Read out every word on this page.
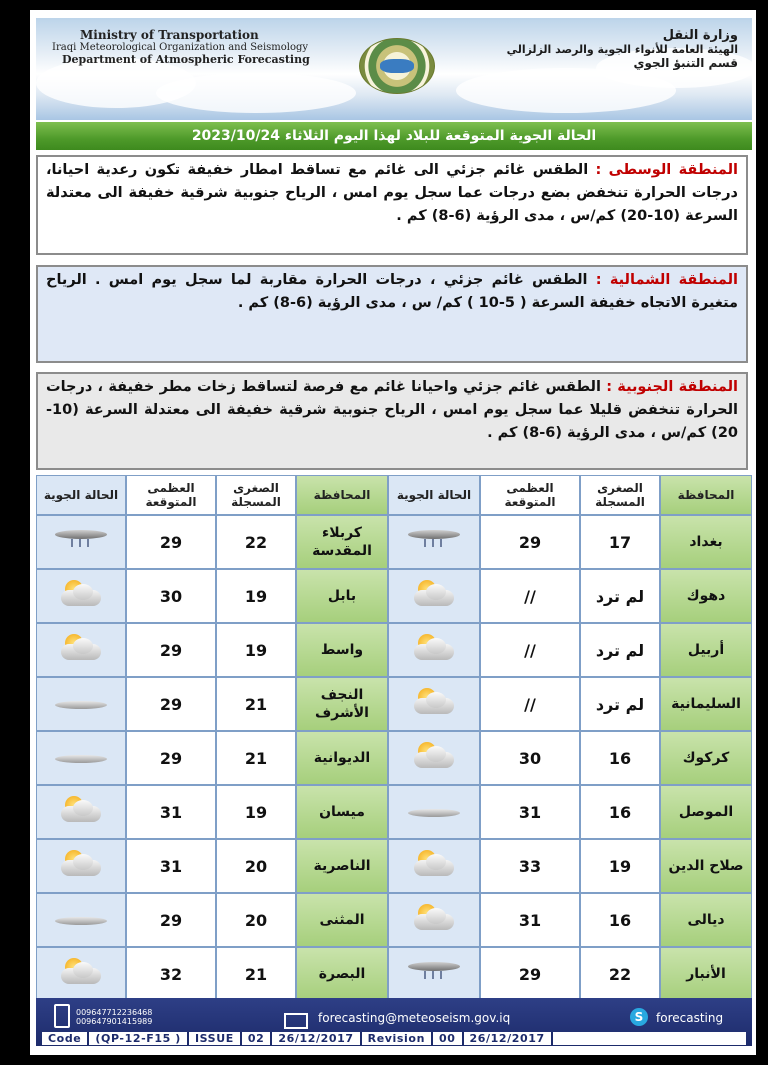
Ministry of Transportation
Iraqi Meteorological Organization and Seismology
Department of Atmospheric Forecasting
وزارة النقل
الهيئة العامة للأنواء الجوية والرصد الزلزالي
قسم التنبؤ الجوي
الحالة الجوية المتوقعة للبلاد لهذا اليوم الثلاثاء 2023/10/24
المنطقة الوسطى : الطقس غائم جزئي الى غائم مع تساقط امطار خفيفة تكون رعدية احيانا، درجات الحرارة تنخفض بضع درجات عما سجل يوم امس ، الرياح جنوبية شرقية خفيفة الى معتدلة السرعة (10-20) كم/س ، مدى الرؤية (6-8) كم .
المنطقة الشمالية : الطقس غائم جزئي ، درجات الحرارة مقاربة لما سجل يوم امس . الرياح متغيرة الاتجاه خفيفة السرعة ( 5-10 ) كم/ س ، مدى الرؤية (6-8) كم .
المنطقة الجنوبية : الطقس غائم جزئي واحيانا غائم مع فرصة لتساقط زخات مطر خفيفة ، درجات الحرارة تنخفض قليلا عما سجل يوم امس ، الرياح جنوبية شرقية خفيفة الى معتدلة السرعة (10-20) كم/س ، مدى الرؤية (6-8) كم .
المحافظة	الصغرى المسجلة	العظمى المتوقعة	الحالة الجوية	المحافظة	الصغرى المسجلة	العظمى المتوقعة	الحالة الجوية
بغداد	17	29		كربلاء المقدسة	22	29	

دهوك	لم ترد	//		بابل	19	30	

أربيل	لم ترد	//		واسط	19	29	

السليمانية	لم ترد	//		النجف الأشرف	21	29	
كركوك	16	30		الديوانية	21	29	
الموصل	16	31		ميسان	19	31	

صلاح الدين	19	33		الناصرية	20	31	

ديالى	16	31		المثنى	20	29	
الأنبار	22	29		البصرة	21	32	
009647712236468
009647901415989	forecasting@meteoseism.gov.iq	S	forecasting
Code (QP-12-F15 ) ISSUE 02 26/12/2017 Revision 00 26/12/2017
